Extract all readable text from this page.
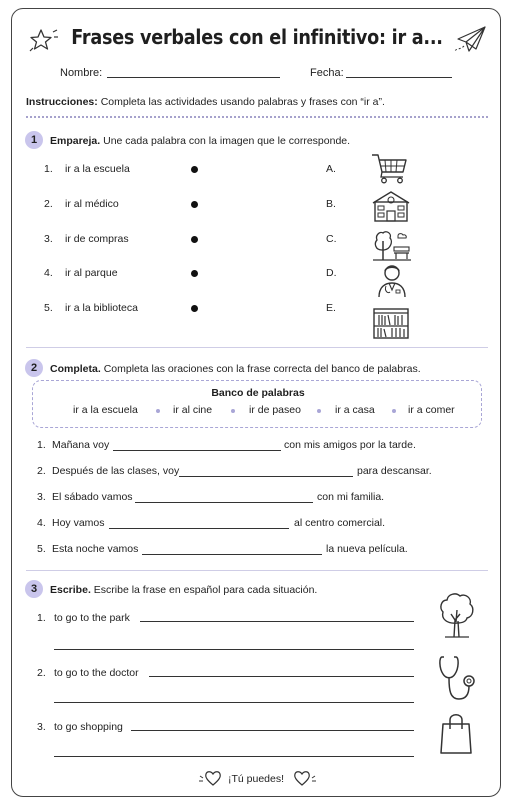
Frases verbales con el infinitivo: ir a...
Nombre:	Fecha:
Instrucciones: Completa las actividades usando palabras y frases con “ir a”.
1	Empareja. Une cada palabra con la imagen que le corresponde.
1. ir a la escuela	A.
2. ir al médico	B.
3. ir de compras	C.
4. ir al parque	D.
5. ir a la biblioteca	E.
2	Completa. Completa las oraciones con la frase correcta del banco de palabras.
Banco de palabras
ir a la escuela	ir al cine	ir de paseo	ir a casa	ir a comer
1. Mañana voy	con mis amigos por la tarde.
2. Después de las clases, voy	para descansar.
3. El sábado vamos	con mi familia.
4. Hoy vamos	al centro comercial.
5. Esta noche vamos	la nueva película.
3	Escribe. Escribe la frase en español para cada situación.
1. to go to the park
2. to go to the doctor
3. to go shopping
¡Tú puedes!
